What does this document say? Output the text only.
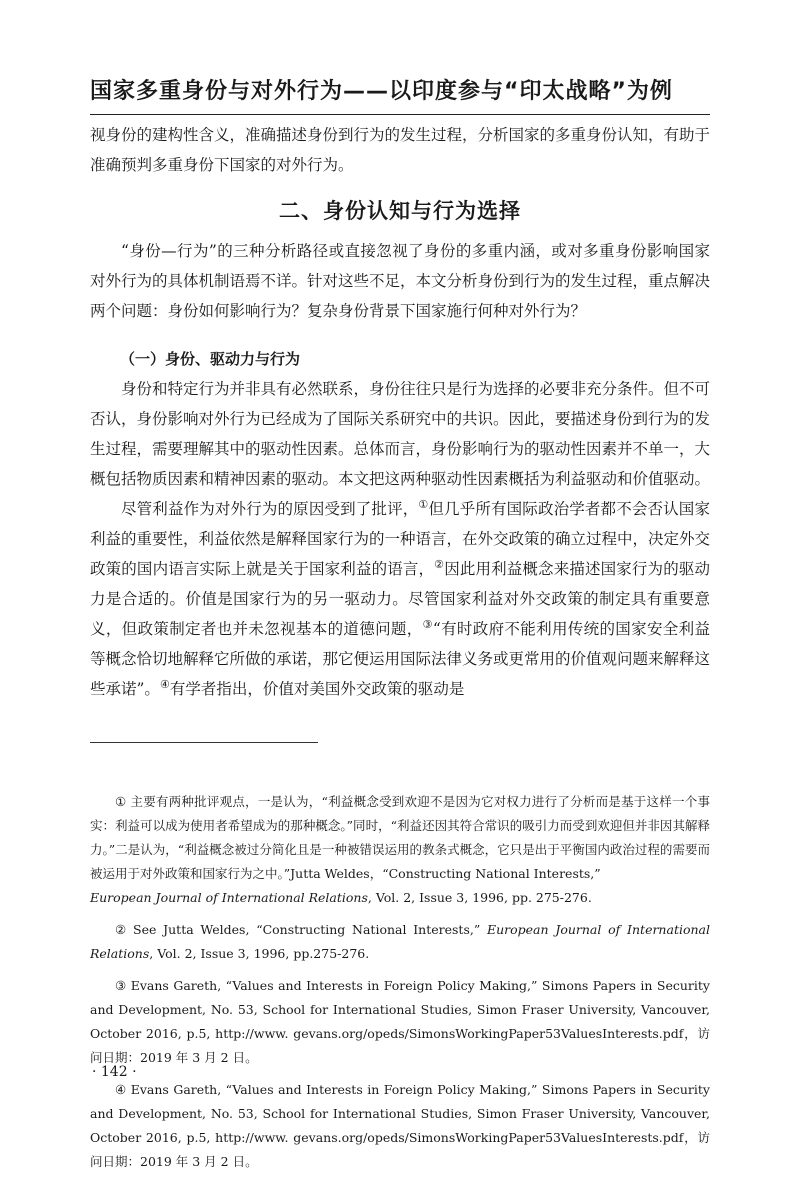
国家多重身份与对外行为——以印度参与“印太战略”为例

视身份的建构性含义，准确描述身份到行为的发生过程，分析国家的多重身份认知，有助于准确预判多重身份下国家的对外行为。

二、身份认知与行为选择

“身份—行为”的三种分析路径或直接忽视了身份的多重内涵，或对多重身份影响国家对外行为的具体机制语焉不详。针对这些不足，本文分析身份到行为的发生过程，重点解决两个问题：身份如何影响行为？复杂身份背景下国家施行何种对外行为？

（一）身份、驱动力与行为

身份和特定行为并非具有必然联系，身份往往只是行为选择的必要非充分条件。但不可否认，身份影响对外行为已经成为了国际关系研究中的共识。因此，要描述身份到行为的发生过程，需要理解其中的驱动性因素。总体而言，身份影响行为的驱动性因素并不单一，大概包括物质因素和精神因素的驱动。本文把这两种驱动性因素概括为利益驱动和价值驱动。

尽管利益作为对外行为的原因受到了批评，①但几乎所有国际政治学者都不会否认国家利益的重要性，利益依然是解释国家行为的一种语言，在外交政策的确立过程中，决定外交政策的国内语言实际上就是关于国家利益的语言，②因此用利益概念来描述国家行为的驱动力是合适的。价值是国家行为的另一驱动力。尽管国家利益对外交政策的制定具有重要意义，但政策制定者也并未忽视基本的道德问题，③“有时政府不能利用传统的国家安全利益等概念恰切地解释它所做的承诺，那它便运用国际法律义务或更常用的价值观问题来解释这些承诺”。④有学者指出，价值对美国外交政策的驱动是

① 主要有两种批评观点，一是认为，“利益概念受到欢迎不是因为它对权力进行了分析而是基于这样一个事实：利益可以成为使用者希望成为的那种概念。”同时，“利益还因其符合常识的吸引力而受到欢迎但并非因其解释力。”二是认为，“利益概念被过分简化且是一种被错误运用的教条式概念，它只是出于平衡国内政治过程的需要而被运用于对外政策和国家行为之中。”Jutta Weldes，“Constructing National Interests,”
European Journal of International Relations, Vol. 2, Issue 3, 1996, pp. 275-276.

② See Jutta Weldes, “Constructing National Interests,” European Journal of International Relations, Vol. 2, Issue 3, 1996, pp.275-276.

③ Evans Gareth, “Values and Interests in Foreign Policy Making,” Simons Papers in Security and Development, No. 53, School for International Studies, Simon Fraser University, Vancouver, October 2016, p.5, http://www. gevans.org/opeds/SimonsWorkingPaper53ValuesInterests.pdf，访问日期：2019 年 3 月 2 日。

④ Evans Gareth, “Values and Interests in Foreign Policy Making,” Simons Papers in Security and Development, No. 53, School for International Studies, Simon Fraser University, Vancouver, October 2016, p.5, http://www. gevans.org/opeds/SimonsWorkingPaper53ValuesInterests.pdf，访问日期：2019 年 3 月 2 日。

· 142 ·
